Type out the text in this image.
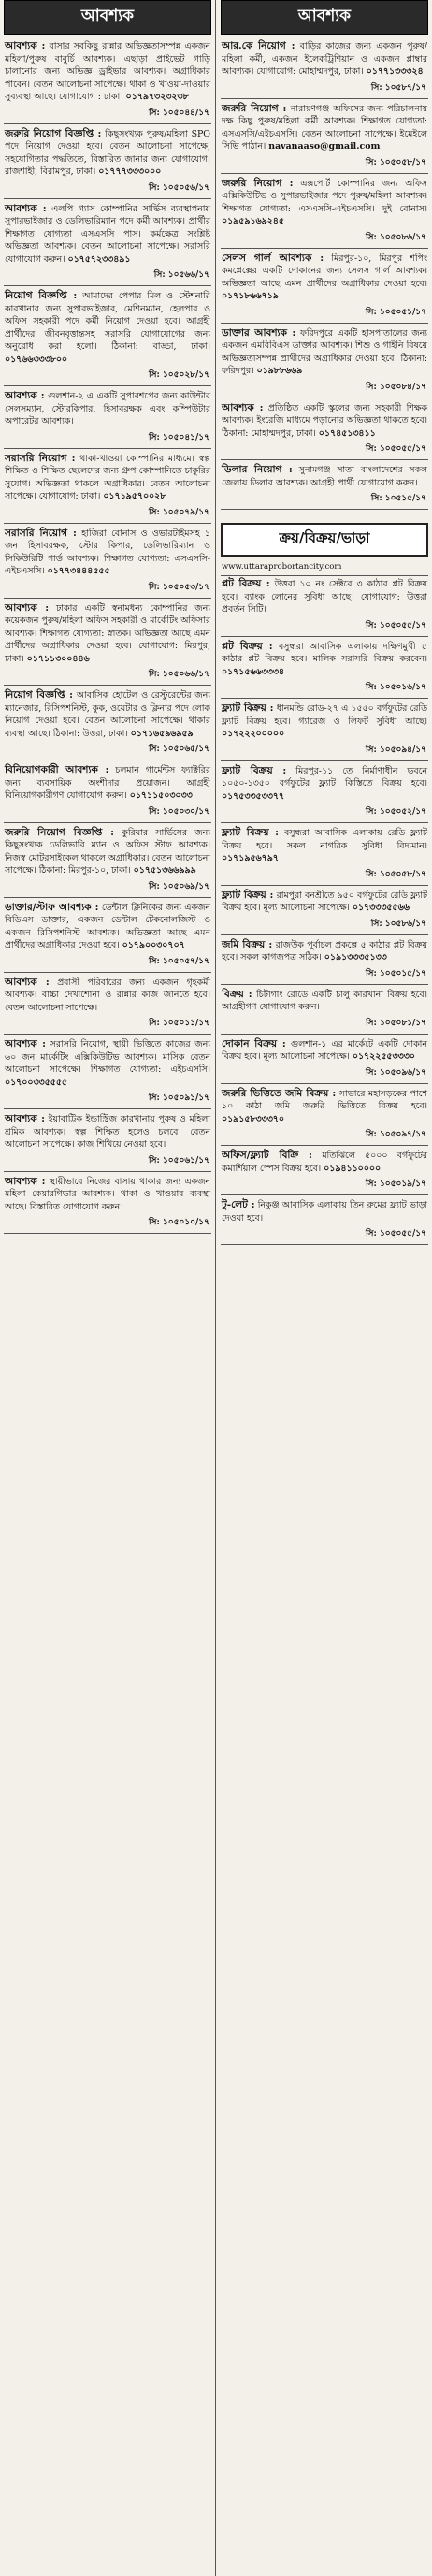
আবশ্যক
আবশ্যক : বাসার সবকিছু রান্নার অভিজ্ঞতাসম্পন্ন একজন মহিলা/পুরুষ বাবুর্চি আবশ্যক। এছাড়া প্রাইভেট গাড়ি চালানোর জন্য অভিজ্ঞ ড্রাইভার আবশ্যক। অগ্রাধিকার পাবেন। বেতন আলোচনা সাপেক্ষে। থাকা ও খাওয়া-দাওয়ার সুব্যবস্থা আছে। যোগাযোগ : ঢাকা। ০১৭৯৭৩২৩২৩৮
সি: ১০৫০৪৪/১৭
জরুরি নিয়োগ বিজ্ঞপ্তি : কিছুসংখ্যক পুরুষ/মহিলা SPO পদে নিয়োগ দেওয়া হবে। বেতন আলোচনা সাপেক্ষে, সহযোগিতার পদ্ধতিতে, বিস্তারিত জানার জন্য যোগাযোগ: রাজশাহী, বিরামপুর, ঢাকা। ০১৭৭৭৩৩৩০০০
সি: ১০৫০৫৬/১৭
আবশ্যক : এলপি গ্যাস কোম্পানির সার্ভিস ব্যবস্থাপনায় সুপারভাইজার ও ডেলিভারিম্যান পদে কর্মী আবশ্যক। প্রার্থীর শিক্ষাগত যোগ্যতা এসএসসি পাস। কর্মক্ষেত্র সংশ্লিষ্ট অভিজ্ঞতা আবশ্যক। বেতন আলোচনা সাপেক্ষে। সরাসরি যোগাযোগ করুন। ০১৭৫৭২৩৩৪৯১
সি: ১০৫৬৬/১৭
নিয়োগ বিজ্ঞপ্তি : আমাদের পেপার মিল ও স্টেশনারি কারখানার জন্য সুপারভাইজার, মেশিনম্যান, হেলপার ও অফিস সহকারী পদে কর্মী নিয়োগ দেওয়া হবে। আগ্রহী প্রার্থীদের জীবনবৃত্তান্তসহ সরাসরি যোগাযোগের জন্য অনুরোধ করা হলো। ঠিকানা: বাড্ডা, ঢাকা। ০১৭৬৬৩৩৩৮০০
সি: ১০৫০২৮/১৭
আবশ্যক : গুলশান-২ এ একটি সুপারশপের জন্য কাউন্টার সেলসম্যান, স্টোরকিপার, হিসাবরক্ষক এবং কম্পিউটার অপারেটর আবশ্যক।
সি: ১০৫০৪১/১৭
সরাসরি নিয়োগ : থাকা-খাওয়া কোম্পানির মাধ্যমে। স্বল্প শিক্ষিত ও শিক্ষিত ছেলেদের জন্য গ্রুপ কোম্পানিতে চাকুরির সুযোগ। অভিজ্ঞতা থাকলে অগ্রাধিকার। বেতন আলোচনা সাপেক্ষে। যোগাযোগ: ঢাকা। ০১৭১৯৫৭০০২৮
সি: ১০৫০৭৯/১৭
সরাসরি নিয়োগ : হাজিরা বোনাস ও ওভারটাইমসহ ১ জন হিসাবরক্ষক, স্টোর কিপার, ডেলিভারিম্যান ও সিকিউরিটি গার্ড আবশ্যক। শিক্ষাগত যোগ্যতা: এসএসসি-এইচএসসি। ০১৭৭৩৪৪৪৫৫৫
সি: ১০৫০৫৩/১৭
আবশ্যক : ঢাকার একটি স্বনামধন্য কোম্পানির জন্য কয়েকজন পুরুষ/মহিলা অফিস সহকারী ও মার্কেটিং অফিসার আবশ্যক। শিক্ষাগত যোগ্যতা: স্নাতক। অভিজ্ঞতা আছে এমন প্রার্থীদের অগ্রাধিকার দেওয়া হবে। যোগাযোগ: মিরপুর, ঢাকা। ০১৭১১৩০০৪৪৬
সি: ১০৫০৬৬/১৭
নিয়োগ বিজ্ঞপ্তি : আবাসিক হোটেল ও রেস্টুরেন্টের জন্য ম্যানেজার, রিসিপশনিস্ট, কুক, ওয়েটার ও ক্লিনার পদে লোক নিয়োগ দেওয়া হবে। বেতন আলোচনা সাপেক্ষে। থাকার ব্যবস্থা আছে। ঠিকানা: উত্তরা, ঢাকা। ০১৭১৬৫৯৬৯৫৯
সি: ১০৫০৬৫/১৭
বিনিয়োগকারী আবশ্যক : চলমান গার্মেন্টস ফ্যাক্টরির জন্য ব্যবসায়িক অংশীদার প্রয়োজন। আগ্রহী বিনিয়োগকারীগণ যোগাযোগ করুন। ০১৭১১৫০৩০৩৩
সি: ১০৫০৩০/১৭
জরুরি নিয়োগ বিজ্ঞপ্তি : কুরিয়ার সার্ভিসের জন্য কিছুসংখ্যক ডেলিভারি ম্যান ও অফিস স্টাফ আবশ্যক। নিজস্ব মোটরসাইকেল থাকলে অগ্রাধিকার। বেতন আলোচনা সাপেক্ষে। ঠিকানা: মিরপুর-১০, ঢাকা। ০১৭৫১৩৬৬৯৯৯
সি: ১০৫০৬৯/১৭
ডাক্তার/স্টাফ আবশ্যক : ডেন্টাল ক্লিনিকের জন্য একজন বিডিএস ডাক্তার, একজন ডেন্টাল টেকনোলজিস্ট ও একজন রিসিপশনিস্ট আবশ্যক। অভিজ্ঞতা আছে এমন প্রার্থীদের অগ্রাধিকার দেওয়া হবে। ০১৭৯০০৩০৭০৭
সি: ১০৫০৫৭/১৭
আবশ্যক : প্রবাসী পরিবারের জন্য একজন গৃহকর্মী আবশ্যক। বাচ্চা দেখাশোনা ও রান্নার কাজ জানতে হবে। বেতন আলোচনা সাপেক্ষে।
সি: ১০৫০১১/১৭
আবশ্যক : সরাসরি নিয়োগ, স্থায়ী ভিত্তিতে কাজের জন্য ৬০ জন মার্কেটিং এক্সিকিউটিভ আবশ্যক। মাসিক বেতন আলোচনা সাপেক্ষে। শিক্ষাগত যোগ্যতা: এইচএসসি। ০১৭০০৩৩৫৫৫৫
সি: ১০৫০৯১/১৭
আবশ্যক : ইয়াবাট্টিক ইন্ডাস্ট্রিজ কারখানায় পুরুষ ও মহিলা শ্রমিক আবশ্যক। স্বল্প শিক্ষিত হলেও চলবে। বেতন আলোচনা সাপেক্ষে। কাজ শিখিয়ে নেওয়া হবে।
সি: ১০৫০৬১/১৭
আবশ্যক : স্থায়ীভাবে নিজের বাসায় থাকার জন্য একজন মহিলা কেয়ারগিভার আবশ্যক। থাকা ও খাওয়ার ব্যবস্থা আছে। বিস্তারিত যোগাযোগ করুন।
সি: ১০৫০১০/১৭
আবশ্যক
আর.কে নিয়োগ : বাড়ির কাজের জন্য একজন পুরুষ/মহিলা কর্মী, একজন ইলেকট্রিশিয়ান ও একজন প্লাম্বার আবশ্যক। যোগাযোগ: মোহাম্মদপুর, ঢাকা। ০১৭৭১৩৩৩২৪
সি: ১০৫৮৭/১৭
জরুরি নিয়োগ : নারায়ণগঞ্জ অফিসের জন্য পরিচালনায় দক্ষ কিছু পুরুষ/মহিলা কর্মী আবশ্যক। শিক্ষাগত যোগ্যতা: এসএসসি/এইচএসসি। বেতন আলোচনা সাপেক্ষে। ইমেইলে সিভি পাঠান। navanaaso@gmail.com
সি: ১০৫০৫৮/১৭
জরুরি নিয়োগ : এক্সপোর্ট কোম্পানির জন্য অফিস এক্সিকিউটিভ ও সুপারভাইজার পদে পুরুষ/মহিলা আবশ্যক। শিক্ষাগত যোগ্যতা: এসএসসি-এইচএসসি। দুই বোনাস। ০১৯৫৯১৬৯২৪৫
সি: ১০৫০৮৬/১৭
সেলস গার্ল আবশ্যক : মিরপুর-১০, মিরপুর শপিং কমপ্লেক্সের একটি দোকানের জন্য সেলস গার্ল আবশ্যক। অভিজ্ঞতা আছে এমন প্রার্থীদের অগ্রাধিকার দেওয়া হবে। ০১৭১৮৬৬৭১৯
সি: ১০৫০৫১/১৭
ডাক্তার আবশ্যক : ফরিদপুরে একটি হাসপাতালের জন্য একজন এমবিবিএস ডাক্তার আবশ্যক। শিশু ও গাইনি বিষয়ে অভিজ্ঞতাসম্পন্ন প্রার্থীদের অগ্রাধিকার দেওয়া হবে। ঠিকানা: ফরিদপুর। ০১৯৮৮৬৬৯
সি: ১০৫০৮৪/১৭
আবশ্যক : প্রতিষ্ঠিত একটি স্কুলের জন্য সহকারী শিক্ষক আবশ্যক। ইংরেজি মাধ্যমে পড়ানোর অভিজ্ঞতা থাকতে হবে। ঠিকানা: মোহাম্মদপুর, ঢাকা। ০১৭৪৫১৩৪১১
সি: ১০৫০৫৫/১৭
ডিলার নিয়োগ : সুনামগঞ্জ সাতা বাংলাদেশের সকল জেলায় ডিলার আবশ্যক। আগ্রহী প্রার্থী যোগাযোগ করুন।
সি: ১০৫১৫/১৭
ক্রয়/বিক্রয়/ভাড়া
www.uttaraprobortancity.com
প্লট বিক্রয় : উত্তরা ১০ নং সেক্টরে ৩ কাঠার প্লট বিক্রয় হবে। ব্যাংক লোনের সুবিধা আছে। যোগাযোগ: উত্তরা প্রবর্তন সিটি।
সি: ১০৫০৫৫/১৭
প্লট বিক্রয় : বসুন্ধরা আবাসিক এলাকায় দক্ষিণমুখী ৫ কাঠার প্লট বিক্রয় হবে। মালিক সরাসরি বিক্রয় করবেন। ০১৭১৫৬৬৩৩৩৪
সি: ১০৫০১৬/১৭
ফ্ল্যাট বিক্রয় : ধানমন্ডি রোড-২৭ এ ১৫৫০ বর্গফুটের রেডি ফ্ল্যাট বিক্রয় হবে। গ্যারেজ ও লিফট সুবিধা আছে। ০১৭২২২০০০০০
সি: ১০৫০৯৪/১৭
ফ্ল্যাট বিক্রয় : মিরপুর-১১ তে নির্মাণাধীন ভবনে ১০৫০-১৩৫০ বর্গফুটের ফ্ল্যাট কিস্তিতে বিক্রয় হবে। ০১৭৫৩৩৫৩৩৭৭
সি: ১০৫০৫২/১৭
ফ্ল্যাট বিক্রয় : বসুন্ধরা আবাসিক এলাকায় রেডি ফ্ল্যাট বিক্রয় হবে। সকল নাগরিক সুবিধা বিদ্যমান। ০১৭১৯৫৬৭৯৭
সি: ১০৫০৫৮/১৭
ফ্ল্যাট বিক্রয় : রামপুরা বনশ্রীতে ৯৫০ বর্গফুটের রেডি ফ্ল্যাট বিক্রয় হবে। মূল্য আলোচনা সাপেক্ষে। ০১৭৩৩৩৫৫৬৬
সি: ১০৫৮৬/১৭
জমি বিক্রয় : রাজউক পূর্বাচল প্রকল্পে ৫ কাঠার প্লট বিক্রয় হবে। সকল কাগজপত্র সঠিক। ০১৯১৩৩৩৫১৩৩
সি: ১০৫০১৫/১৭
বিক্রয় : চিটাগাং রোডে একটি চালু কারখানা বিক্রয় হবে। আগ্রহীগণ যোগাযোগ করুন।
সি: ১০৫০৮১/১৭
দোকান বিক্রয় : গুলশান-১ এর মার্কেটে একটি দোকান বিক্রয় হবে। মূল্য আলোচনা সাপেক্ষে। ০১৭২২৫৫৩৩৩০
সি: ১০৫০৯৬/১৭
জরুরি ভিত্তিতে জমি বিক্রয় : সাভারে মহাসড়কের পাশে ১০ কাঠা জমি জরুরি ভিত্তিতে বিক্রয় হবে। ০১৯১৫৮৩৩৩৭০
সি: ১০৫০৯৭/১৭
অফিস/ফ্ল্যাট বিক্রি : মতিঝিলে ৫০০০ বর্গফুটের কমার্শিয়াল স্পেস বিক্রয় হবে। ০১৯৪১১০০০০
সি: ১০৫০১৯/১৭
টু-লেট : নিকুঞ্জ আবাসিক এলাকায় তিন রুমের ফ্ল্যাট ভাড়া দেওয়া হবে।
সি: ১০৫০৫৫/১৭
